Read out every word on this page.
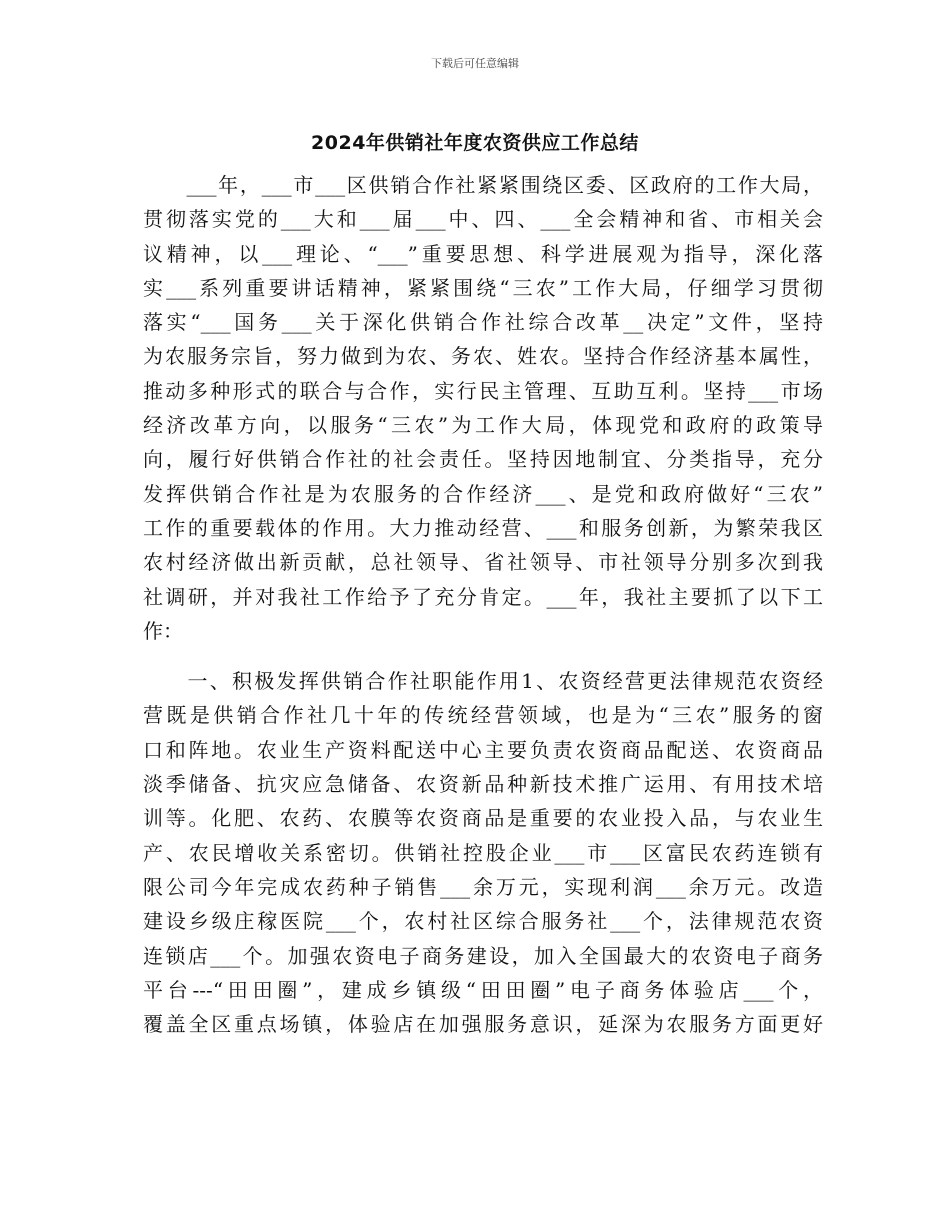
下载后可任意编辑
2024年供销社年度农资供应工作总结
　　___年，___市___区供销合作社紧紧围绕区委、区政府的工作大局，
贯彻落实党的___大和___届___中、四、___全会精神和省、市相关会
议精神，以___理论、“___”重要思想、科学进展观为指导，深化落
实___系列重要讲话精神，紧紧围绕“三农”工作大局，仔细学习贯彻
落实“___国务___关于深化供销合作社综合改革__决定”文件，坚持
为农服务宗旨，努力做到为农、务农、姓农。坚持合作经济基本属性，
推动多种形式的联合与合作，实行民主管理、互助互利。坚持___市场
经济改革方向，以服务“三农”为工作大局，体现党和政府的政策导
向，履行好供销合作社的社会责任。坚持因地制宜、分类指导，充分
发挥供销合作社是为农服务的合作经济___、是党和政府做好“三农”
工作的重要载体的作用。大力推动经营、___和服务创新，为繁荣我区
农村经济做出新贡献，总社领导、省社领导、市社领导分别多次到我
社调研，并对我社工作给予了充分肯定。___年，我社主要抓了以下工
作：
　　一、积极发挥供销合作社职能作用1、农资经营更法律规范农资经
营既是供销合作社几十年的传统经营领域，也是为“三农”服务的窗
口和阵地。农业生产资料配送中心主要负责农资商品配送、农资商品
淡季储备、抗灾应急储备、农资新品种新技术推广运用、有用技术培
训等。化肥、农药、农膜等农资商品是重要的农业投入品，与农业生
产、农民增收关系密切。供销社控股企业___市___区富民农药连锁有
限公司今年完成农药种子销售___余万元，实现利润___余万元。改造
建设乡级庄稼医院___个，农村社区综合服务社___个，法律规范农资
连锁店___个。加强农资电子商务建设，加入全国最大的农资电子商务
平台---“田田圈”，建成乡镇级“田田圈”电子商务体验店___个，
覆盖全区重点场镇，体验店在加强服务意识，延深为农服务方面更好
